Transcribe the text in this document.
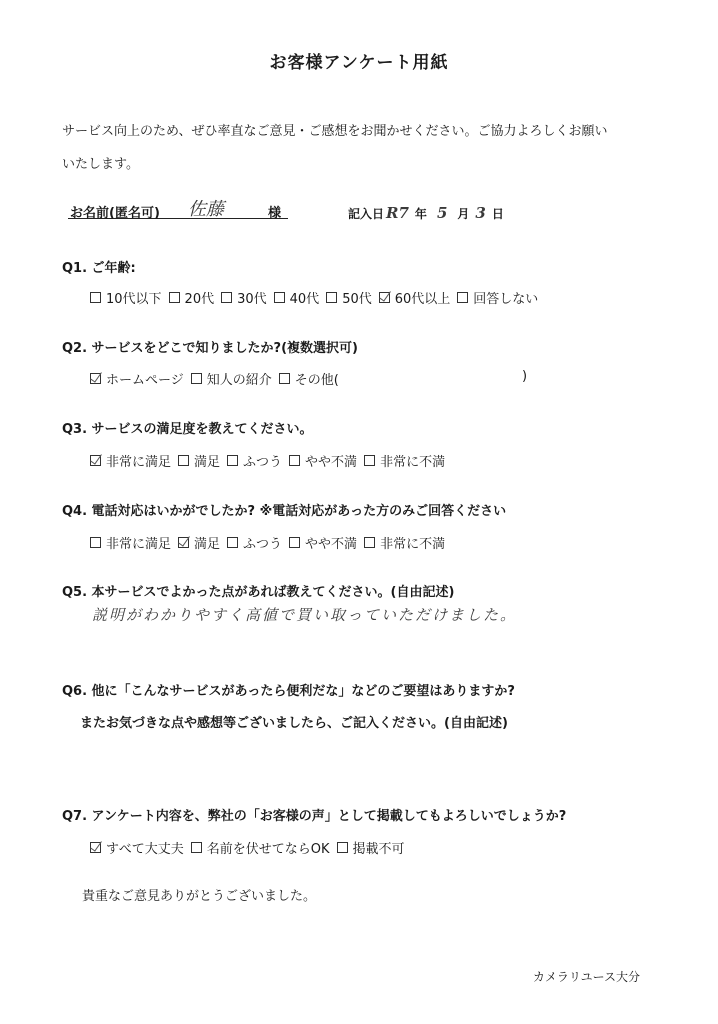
お客様アンケート用紙
サービス向上のため、ぜひ率直なご意見・ご感想をお聞かせください。ご協力よろしくお願い
いたします。
お名前(匿名可) 佐藤	様	記入日 R7 年 5 月 3 日
Q1. ご年齢:
10代以下 20代 30代 40代 50代 60代以上 回答しない
Q2. サービスをどこで知りましたか?(複数選択可)
ホームページ 知人の紹介 その他(	)
Q3. サービスの満足度を教えてください。
非常に満足 満足 ふつう やや不満 非常に不満
Q4. 電話対応はいかがでしたか? ※電話対応があった方のみご回答ください
非常に満足 満足 ふつう やや不満 非常に不満
Q5. 本サービスでよかった点があれば教えてください。(自由記述)
説明がわかりやすく高値で買い取っていただけました。
Q6. 他に「こんなサービスがあったら便利だな」などのご要望はありますか?
またお気づきな点や感想等ございましたら、ご記入ください。(自由記述)
Q7. アンケート内容を、弊社の「お客様の声」として掲載してもよろしいでしょうか?
すべて大丈夫 名前を伏せてならOK 掲載不可
貴重なご意見ありがとうございました。
カメラリユース大分
